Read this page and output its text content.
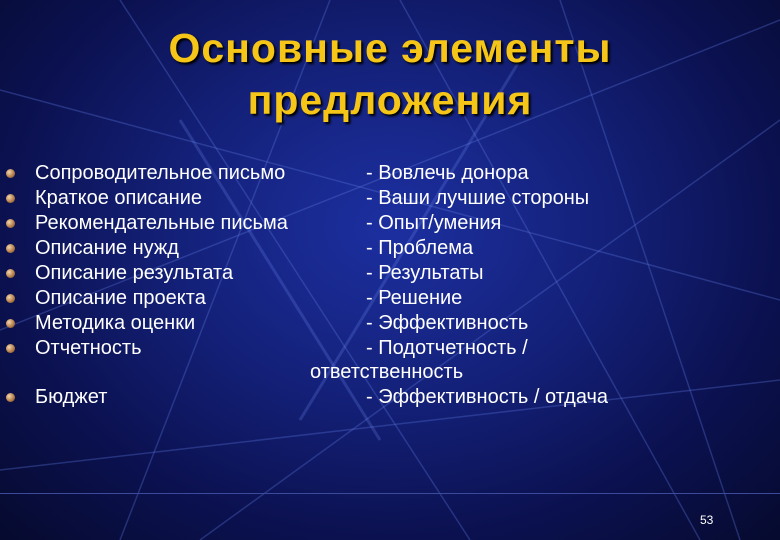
Основные элементы
предложения
Сопроводительное письмо	- Вовлечь донора
Краткое описание	- Ваши лучшие стороны
Рекомендательные письма	- Опыт/умения
Описание нужд	- Проблема
Описание результата	- Результаты
Описание проекта	- Решение
Методика оценки	- Эффективность
Отчетность	- Подотчетность /
ответственность
Бюджет	- Эффективность / отдача
53
